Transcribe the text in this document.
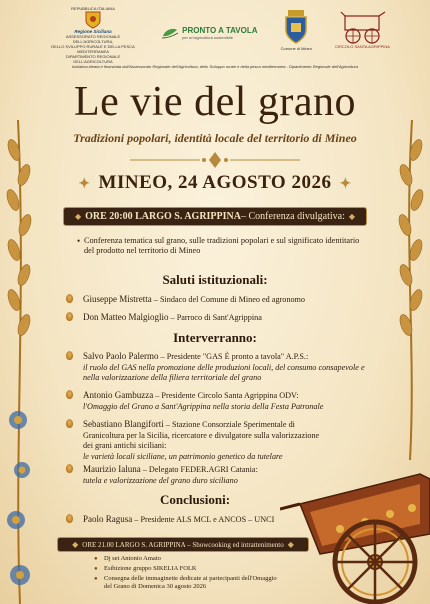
REPUBBLICA ITALIANA
Regione Siciliana
ASSESSORATO REGIONALE DELL'AGRICOLTURA,
DELLO SVILUPPO RURALE E DELLA PESCA MEDITERRANEA
DIPARTIMENTO REGIONALE DELL'AGRICOLTURA
PRONTO A TAVOLA
per un'agricoltura sostenibile
Comune di Mineo	CIRCOLO SANTA AGRIPPINA
Iniziativa ideata e finanziata dall'Assessorato Regionale dell'Agricoltura, dello Sviluppo rurale e della pesca mediterranea - Dipartimento Regionale dell'Agricoltura
Le vie del grano
Tradizioni popolari, identità locale del territorio di Mineo
✦ MINEO, 24 AGOSTO 2026 ✦
◆ ORE 20:00 LARGO S. AGRIPPINA – Conferenza divulgativa: ◆
• Conferenza tematica sul grano, sulle tradizioni popolari e sul significato identitario del prodotto nel territorio di Mineo
Saluti istituzionali:
Giuseppe Mistretta – Sindaco del Comune di Mineo ed agronomo
Don Matteo Malgioglio – Parroco di Sant'Agrippina
Interverranno:
Salvo Paolo Palermo – Presidente "GAS È pronto a tavola" A.P.S.:
il ruolo del GAS nella promozione delle produzioni locali, del consumo consapevole e nella valorizzazione della filiera territoriale del grano
Antonio Gambuzza – Presidente Circolo Santa Agrippina ODV:
l'Omaggio del Grano a Sant'Agrippina nella storia della Festa Patronale
Sebastiano Blangiforti – Stazione Consorziale Sperimentale di Granicoltura per la Sicilia, ricercatore e divulgatore sulla valorizzazione dei grani antichi siciliani:
le varietà locali siciliane, un patrimonio genetico da tutelare
Maurizio Ialuna – Delegato FEDER.AGRI Catania:
tutela e valorizzazione del grano duro siciliano
Conclusioni:
Paolo Ragusa – Presidente ALS MCL e ANCOS – UNCI
◆ ORE 21.00 LARGO S. AGRIPPINA – Showcooking ed intrattenimento ◆
● Dj set Antonio Amato
● Esibizione gruppo SIKELIA FOLK
● Consegna delle immaginette dedicate ai partecipanti dell'Omaggio del Grano di Domenica 30 agosto 2026
